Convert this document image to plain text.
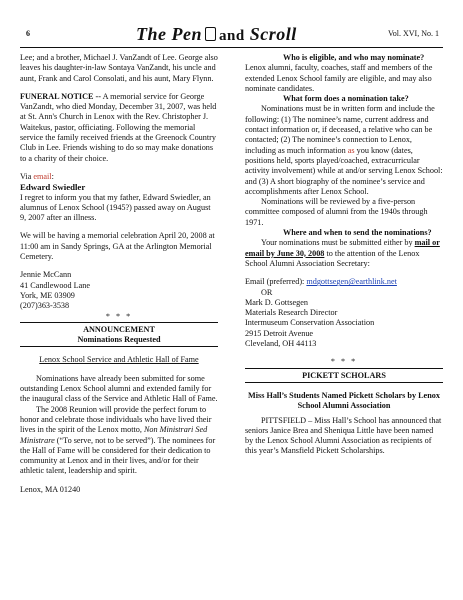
6	The Pen and Scroll	Vol. XVI, No. 1

Lee; and a brother, Michael J. VanZandt of Lee. George also leaves his daughter-in-law Sontaya VanZandt, his uncle and aunt, Frank and Carol Consolati, and his aunt, Mary Flynn.

FUNERAL NOTICE -- A memorial service for George VanZandt, who died Monday, December 31, 2007, was held at St. Ann's Church in Lenox with the Rev. Christopher J. Waitekus, pastor, officiating. Following the memorial service the family received friends at the Greenock Country Club in Lee. Friends wishing to do so may make donations to a charity of their choice.

Via email:

Edward Swiedler

I regret to inform you that my father, Edward Swiedler, an alumnus of Lenox School (1945?) passed away on August 9, 2007 after an illness.

We will be having a memorial celebration April 20, 2008 at 11:00 am in Sandy Springs, GA at the Arlington Memorial Cemetery.

Jennie McCann

41 Candlewood Lane

York, ME 03909

(207)363-3538

* * *

ANNOUNCEMENT
Nominations Requested

Lenox School Service and Athletic Hall of Fame

Nominations have already been submitted for some outstanding Lenox School alumni and extended family for the inaugural class of the Service and Athletic Hall of Fame.

The 2008 Reunion will provide the perfect forum to honor and celebrate those individuals who have lived their lives in the spirit of the Lenox motto, Non Ministrari Sed Ministrare (“To serve, not to be served”). The nominees for the Hall of Fame will be considered for their dedication to community at Lenox and in their lives, and/or for their athletic talent, leadership and spirit.

Lenox, MA 01240

Who is eligible, and who may nominate? Lenox alumni, faculty, coaches, staff and members of the extended Lenox School family are eligible, and may also nominate candidates.

What form does a nomination take?

Nominations must be in written form and include the following: (1) The nominee’s name, current address and contact information or, if deceased, a relative who can be contacted; (2) The nominee’s connection to Lenox, including as much information as you know (dates, positions held, sports played/coached, extracurricular activity involvement) while at and/or serving Lenox School: and (3) A short biography of the nominee’s service and accomplishments after Lenox School.

Nominations will be reviewed by a five-person committee composed of alumni from the 1940s through 1971.

Where and when to send the nominations?

Your nominations must be submitted either by mail or email by June 30, 2008 to the attention of the Lenox School Alumni Association Secretary:

Email (preferred): mdgottsegen@earthlink.net

OR

Mark D. Gottsegen

Materials Research Director

Intermuseum Conservation Association

2915 Detroit Avenue

Cleveland, OH 44113

* * *

PICKETT SCHOLARS

Miss Hall’s Students Named Pickett Scholars by Lenox School Alumni Association

PITTSFIELD – Miss Hall’s School has announced that seniors Janice Brea and Sheniqua Little have been named by the Lenox School Alumni Association as recipients of this year’s Mansfield Pickett Scholarships.
